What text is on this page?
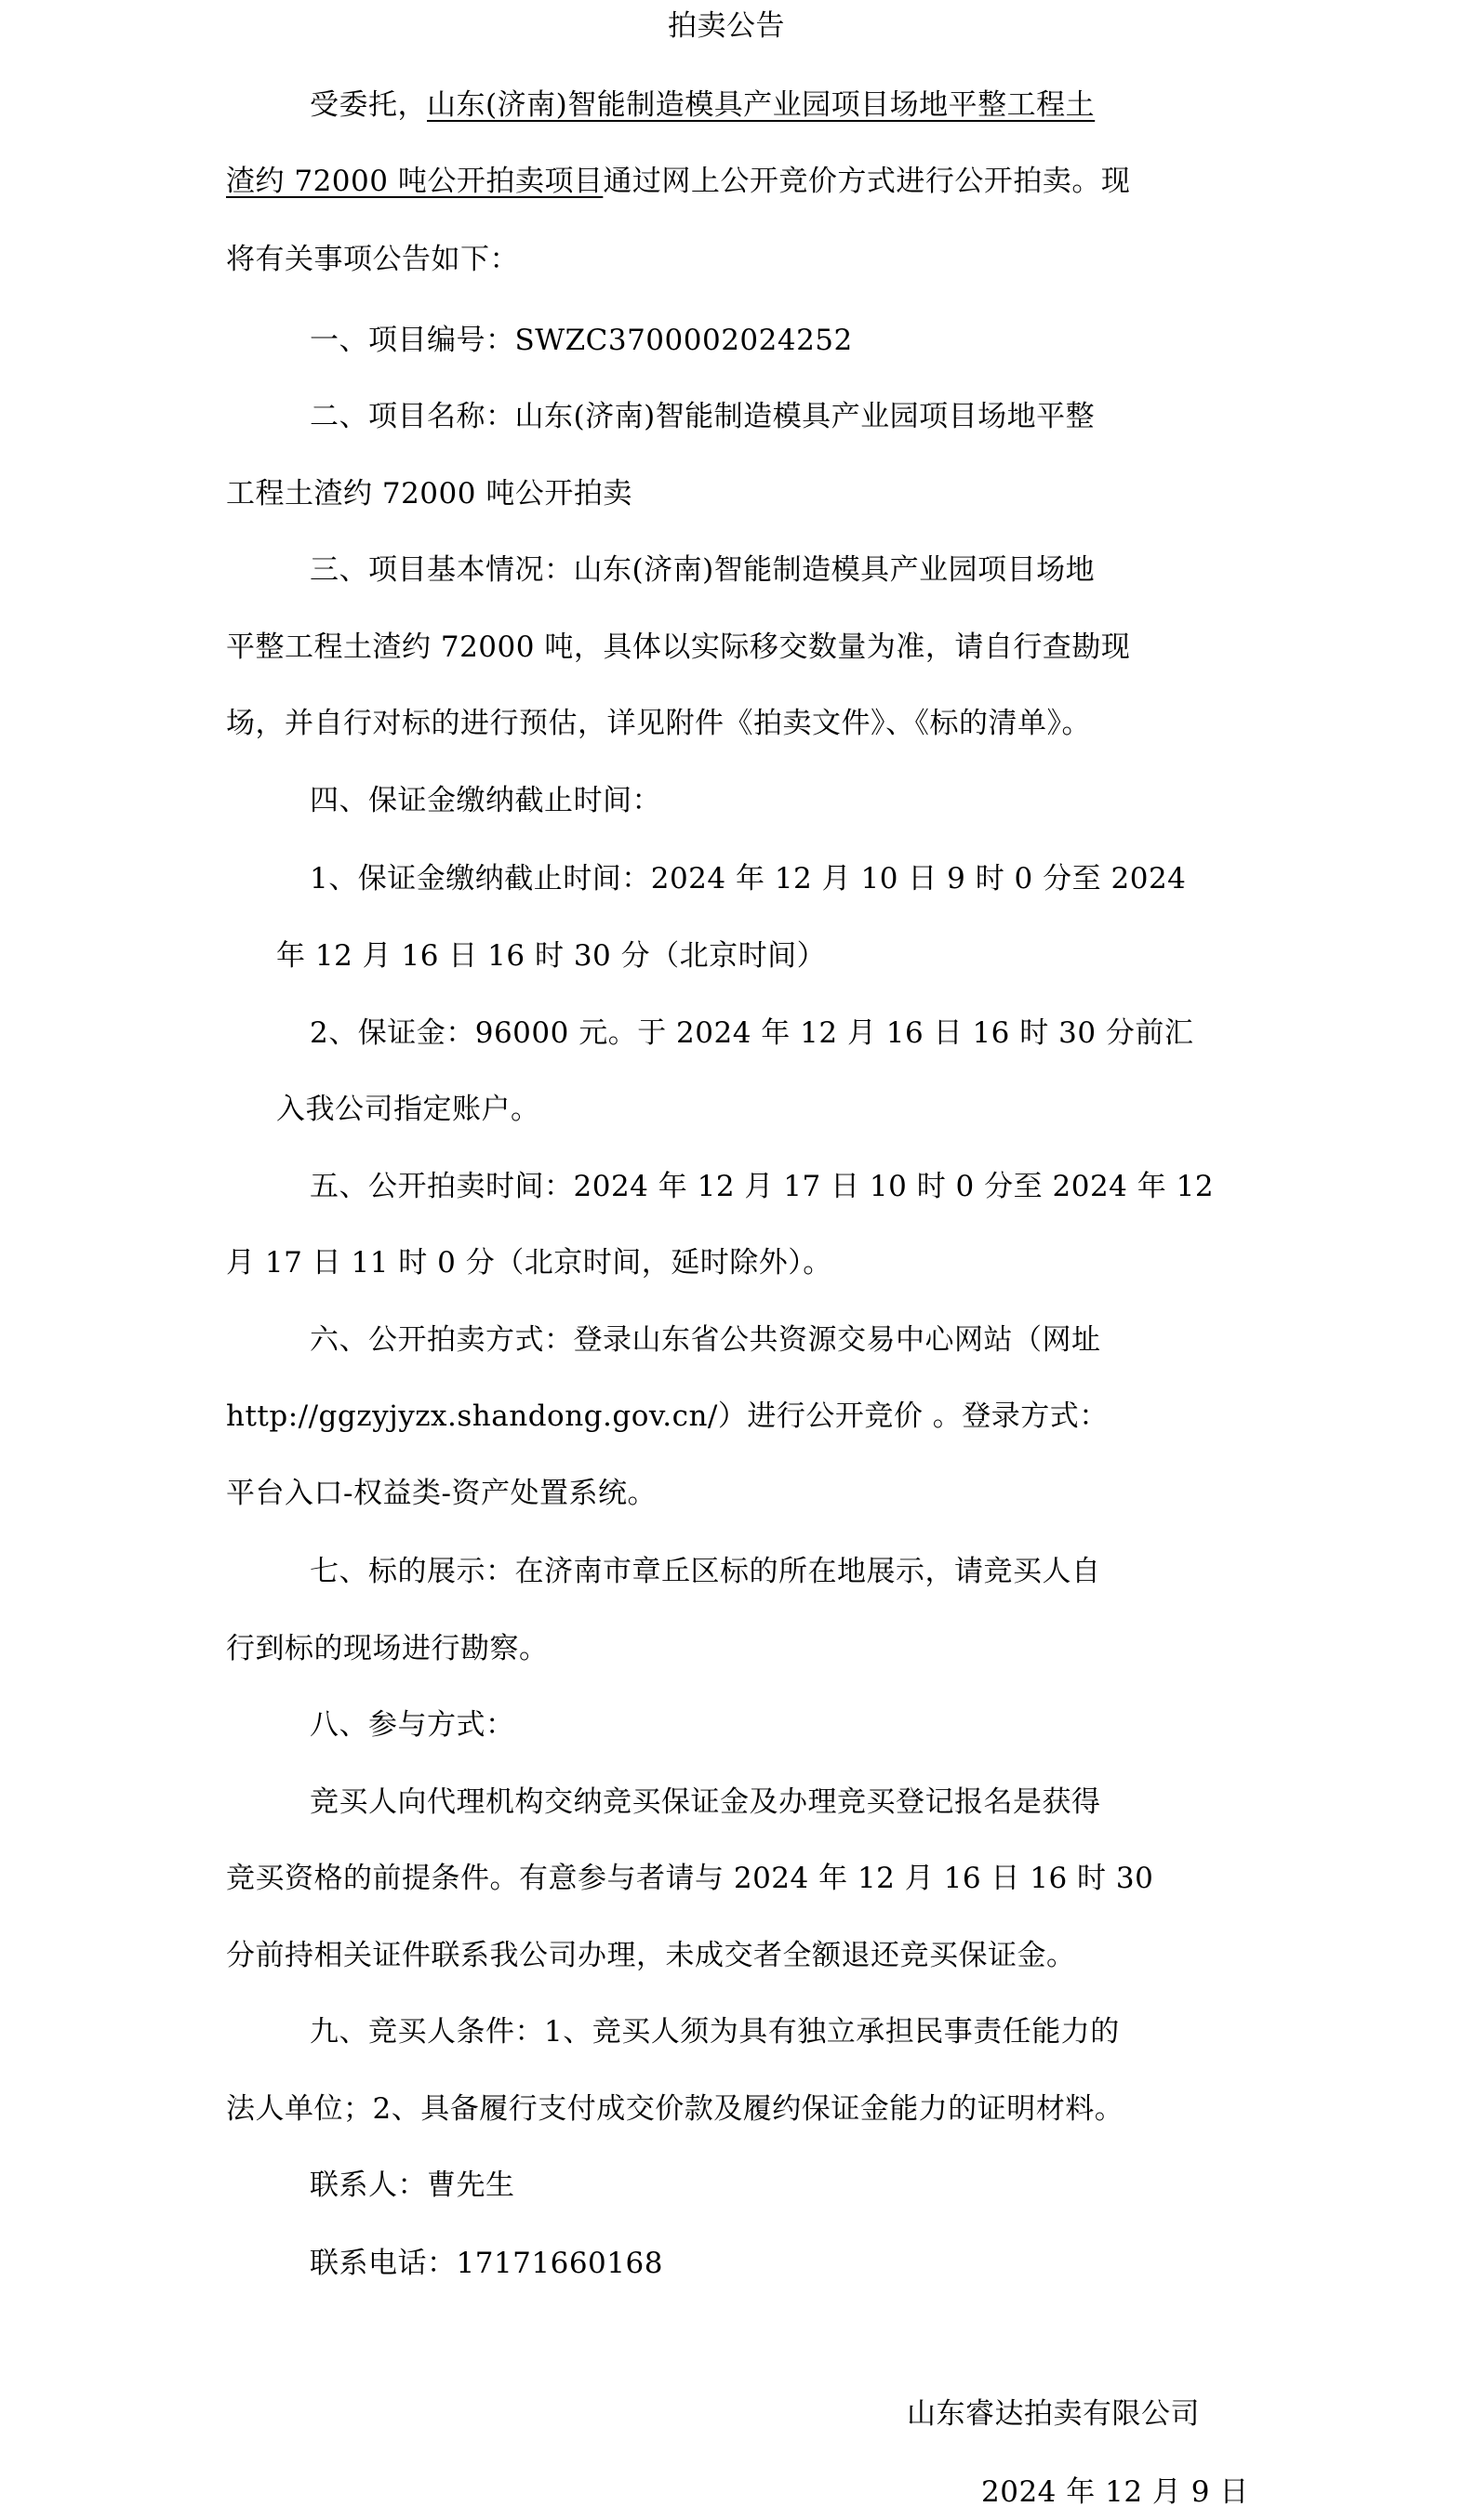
拍卖公告
受委托，山东(济南)智能制造模具产业园项目场地平整工程土
渣约 72000 吨公开拍卖项目通过网上公开竞价方式进行公开拍卖。现
将有关事项公告如下：
一、项目编号：SWZC3700002024252
二、项目名称：山东(济南)智能制造模具产业园项目场地平整
工程土渣约 72000 吨公开拍卖
三、项目基本情况：山东(济南)智能制造模具产业园项目场地
平整工程土渣约 72000 吨，具体以实际移交数量为准，请自行查勘现
场，并自行对标的进行预估，详见附件《拍卖文件》、《标的清单》。
四、保证金缴纳截止时间：
1、保证金缴纳截止时间：2024 年 12 月 10 日 9 时 0 分至 2024
年 12 月 16 日 16 时 30 分（北京时间）
2、保证金：96000 元。于 2024 年 12 月 16 日 16 时 30 分前汇
入我公司指定账户。
五、公开拍卖时间：2024 年 12 月 17 日 10 时 0 分至 2024 年 12
月 17 日 11 时 0 分（北京时间，延时除外）。
六、公开拍卖方式：登录山东省公共资源交易中心网站（网址
http://ggzyjyzx.shandong.gov.cn/）进行公开竞价 。登录方式：
平台入口-权益类-资产处置系统。
七、标的展示：在济南市章丘区标的所在地展示，请竞买人自
行到标的现场进行勘察。
八、参与方式：
竞买人向代理机构交纳竞买保证金及办理竞买登记报名是获得
竞买资格的前提条件。有意参与者请与 2024 年 12 月 16 日 16 时 30
分前持相关证件联系我公司办理，未成交者全额退还竞买保证金。
九、竞买人条件：1、竞买人须为具有独立承担民事责任能力的
法人单位；2、具备履行支付成交价款及履约保证金能力的证明材料。
联系人：曹先生
联系电话：17171660168
山东睿达拍卖有限公司
2024 年 12 月 9 日
